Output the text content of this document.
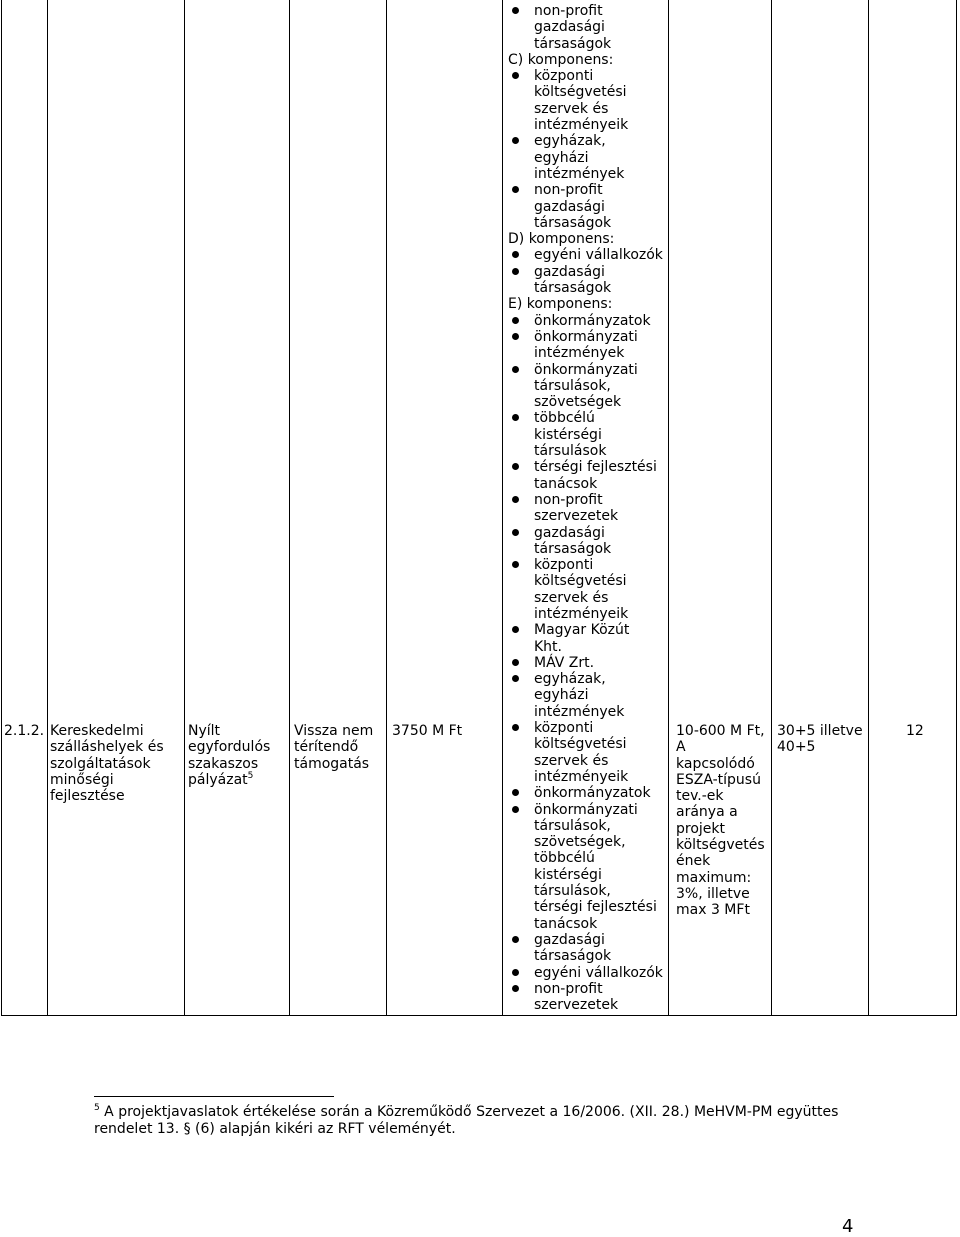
2.1.2. Kereskedelmi
szálláshelyek és
szolgáltatások
minőségi
fejlesztése
Nyílt
egyfordulós
szakaszos
pályázat$^5$
Vissza nem
térítendő
támogatás
3750 M Ft
non-profit
gazdasági
társaságok
C) komponens:
központi
költségvetési
szervek és
intézményeik
egyházak,
egyházi
intézmények
non-profit
gazdasági
társaságok
D) komponens:
egyéni vállalkozók
gazdasági
társaságok
E) komponens:
önkormányzatok
önkormányzati
intézmények
önkormányzati
társulások,
szövetségek
többcélú
kistérségi
társulások
térségi fejlesztési
tanácsok
non-profit
szervezetek
gazdasági
társaságok
központi
költségvetési
szervek és
intézményeik
Magyar Közút
Kht.
MÁV Zrt.
egyházak,
egyházi
intézmények
központi
költségvetési
szervek és
intézményeik
önkormányzatok
önkormányzati
társulások,
szövetségek,
többcélú
kistérségi
társulások,
térségi fejlesztési
tanácsok
gazdasági
társaságok
egyéni vállalkozók
non-profit
szervezetek
10-600 M Ft,
A
kapcsolódó
ESZA-típusú
tev.-ek
aránya a
projekt
költségvetés
ének
maximum:
3%, illetve
max 3 MFt
30+5 illetve
40+5
12
$^5$ A projektjavaslatok értékelése során a Közreműködő Szervezet a 16/2006. (XII. 28.) MeHVM-PM együttes
rendelet 13. § (6) alapján kikéri az RFT véleményét.
4
